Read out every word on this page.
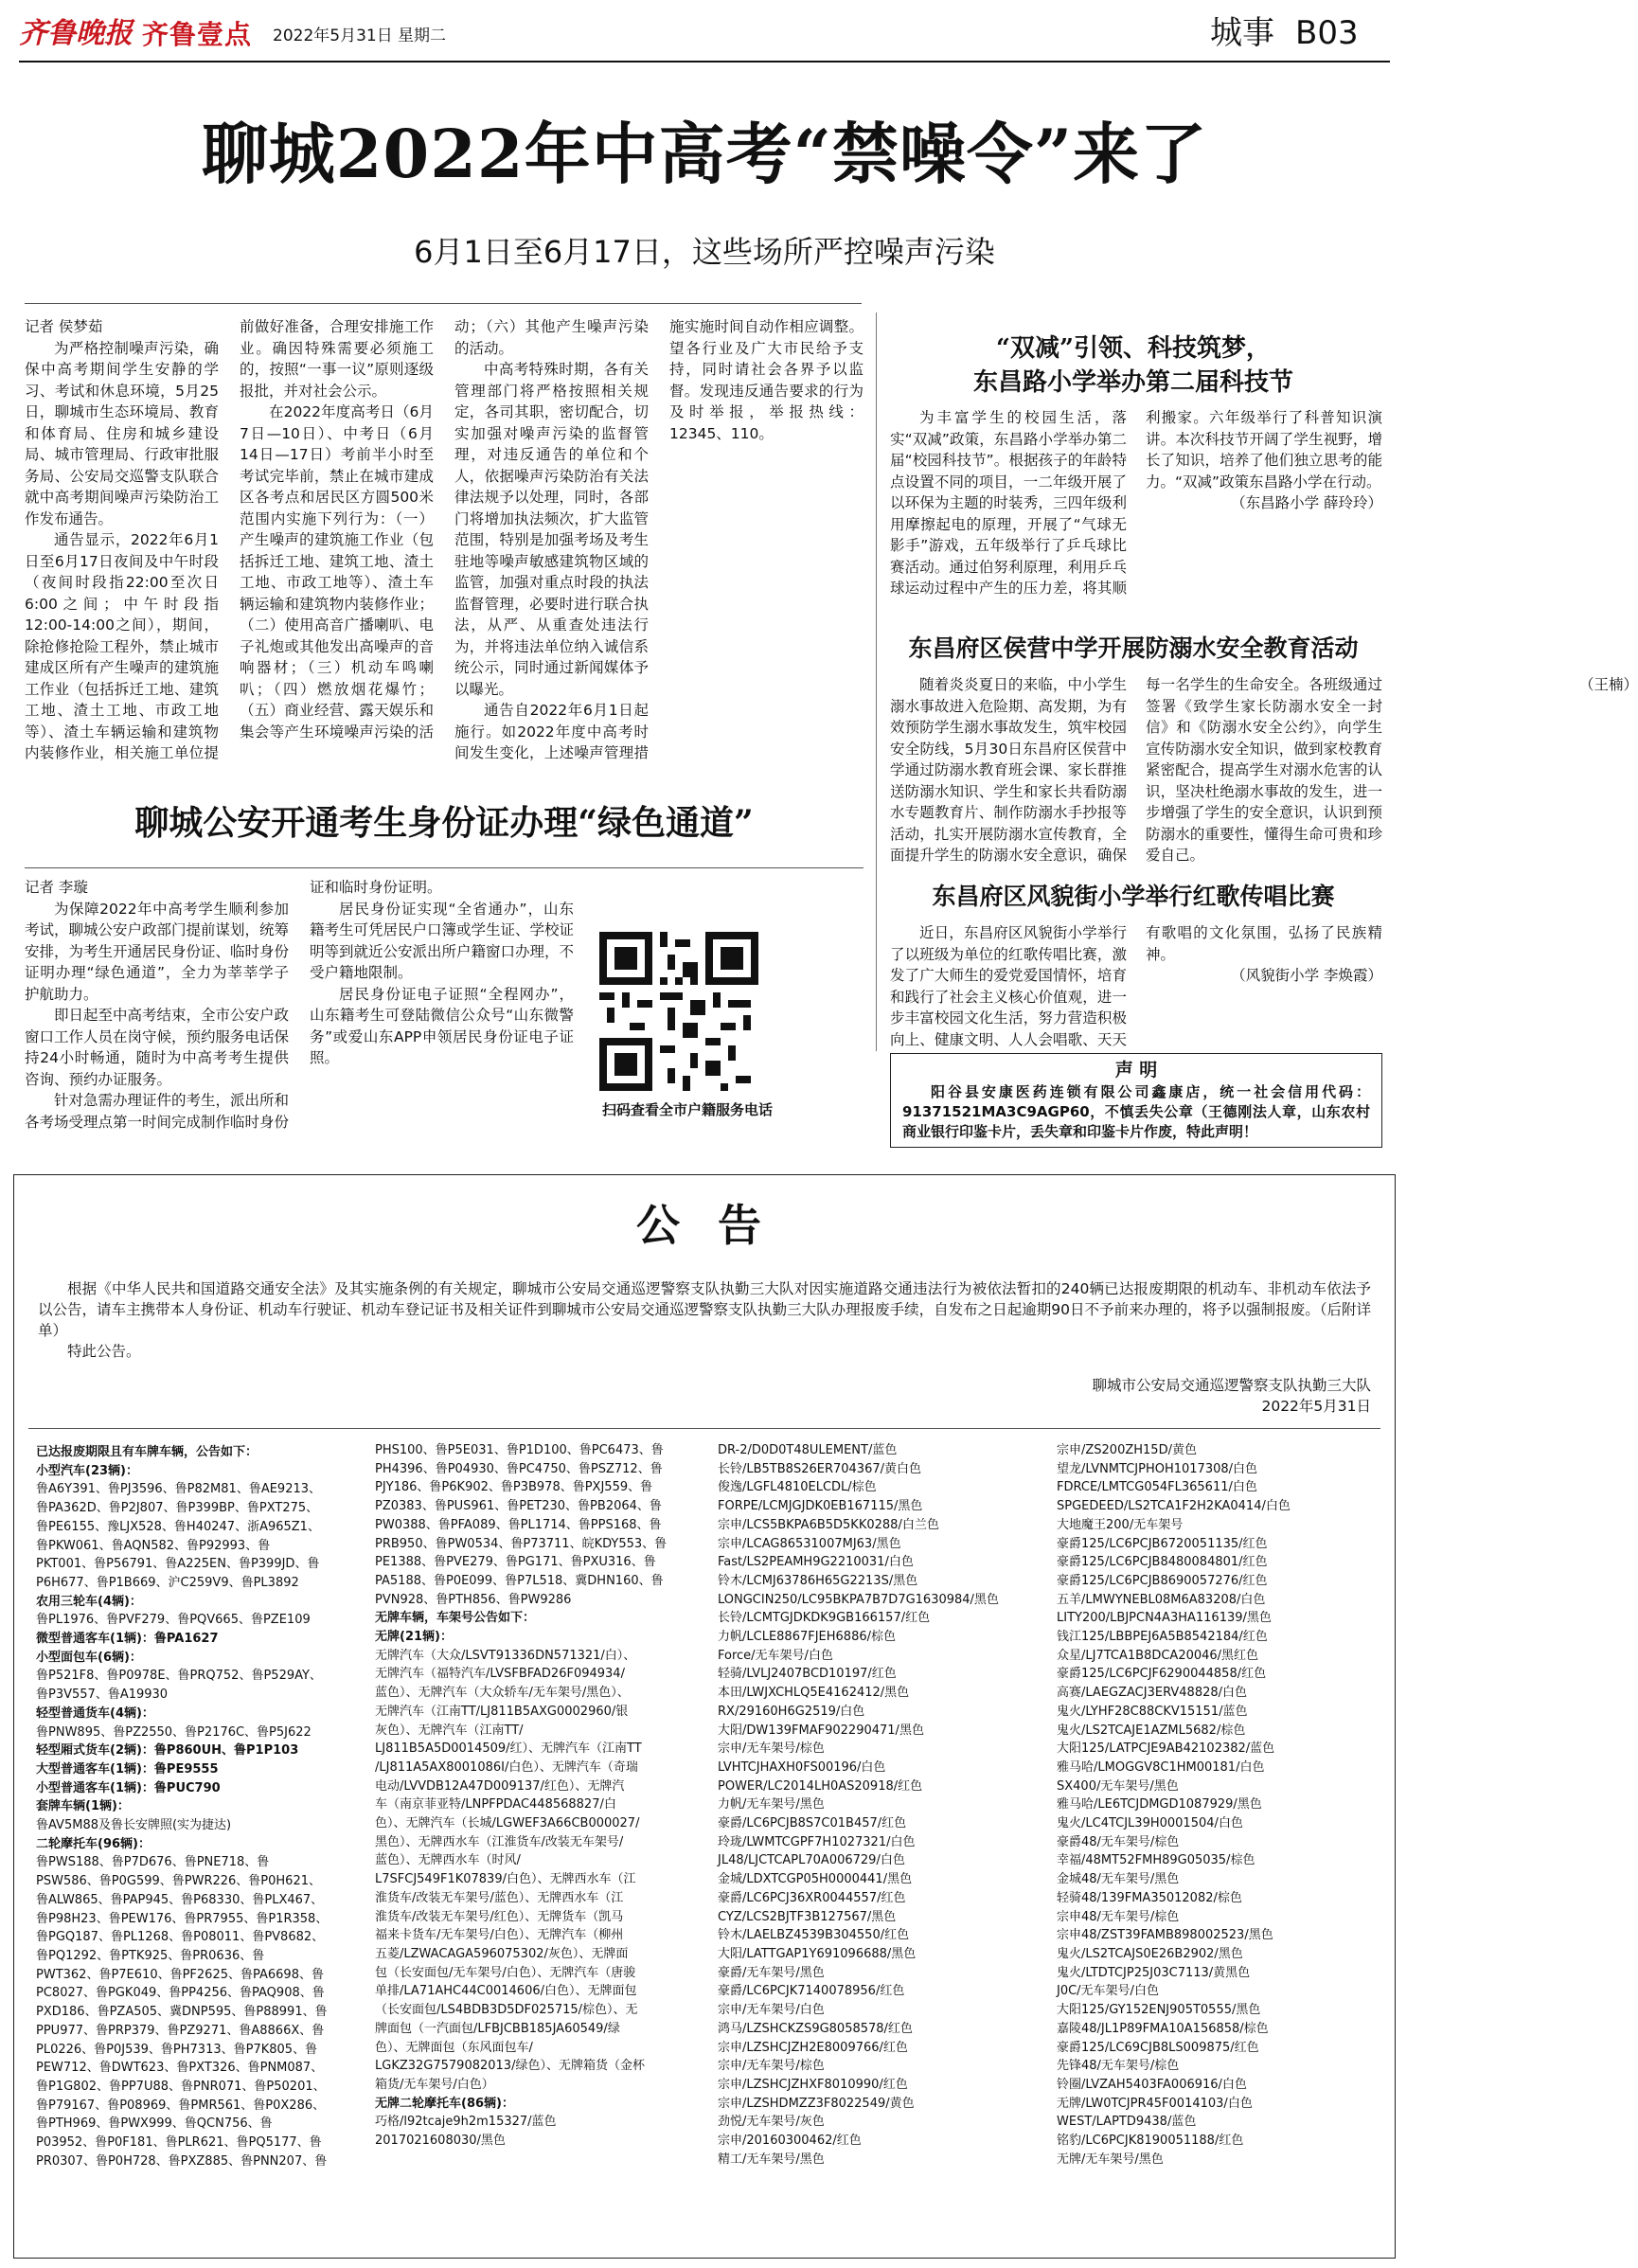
齐鲁晚报 齐鲁壹点 2022年5月31日 星期二	城事 B03
聊城2022年中高考“禁噪令”来了
6月1日至6月17日，这些场所严控噪声污染
记者 侯梦茹

为严格控制噪声污染，确保中高考期间学生安静的学习、考试和休息环境，5月25日，聊城市生态环境局、教育和体育局、住房和城乡建设局、城市管理局、行政审批服务局、公安局交巡警支队联合就中高考期间噪声污染防治工作发布通告。

通告显示，2022年6月1日至6月17日夜间及中午时段（夜间时段指22:00至次日6:00之间；中午时段指12:00-14:00之间），期间，除抢修抢险工程外，禁止城市建成区所有产生噪声的建筑施工作业（包括拆迁工地、建筑工地、渣土工地、市政工地等）、渣土车辆运输和建筑物内装修作业，相关施工单位提前做好准备，合理安排施工作业。确因特殊需要必须施工的，按照“一事一议”原则逐级报批，并对社会公示。

在2022年度高考日（6月7日—10日）、中考日（6月14日—17日）考前半小时至考试完毕前，禁止在城市建成区各考点和居民区方圆500米范围内实施下列行为：（一）产生噪声的建筑施工作业（包括拆迁工地、建筑工地、渣土工地、市政工地等）、渣土车辆运输和建筑物内装修作业；（二）使用高音广播喇叭、电子礼炮或其他发出高噪声的音响器材；（三）机动车鸣喇叭；（四）燃放烟花爆竹；（五）商业经营、露天娱乐和集会等产生环境噪声污染的活动；（六）其他产生噪声污染的活动。

中高考特殊时期，各有关管理部门将严格按照相关规定，各司其职，密切配合，切实加强对噪声污染的监督管理，对违反通告的单位和个人，依据噪声污染防治有关法律法规予以处理，同时，各部门将增加执法频次，扩大监管范围，特别是加强考场及考生驻地等噪声敏感建筑物区域的监管，加强对重点时段的执法监督管理，必要时进行联合执法，从严、从重查处违法行为，并将违法单位纳入诚信系统公示，同时通过新闻媒体予以曝光。

通告自2022年6月1日起施行。如2022年度中高考时间发生变化，上述噪声管理措施实施时间自动作相应调整。望各行业及广大市民给予支持，同时请社会各界予以监督。发现违反通告要求的行为及时举报，举报热线：12345、110。

聊城公安开通考生身份证办理“绿色通道”
记者 李璇

为保障2022年中高考学生顺利参加考试，聊城公安户政部门提前谋划，统筹安排，为考生开通居民身份证、临时身份证明办理“绿色通道”，全力为莘莘学子护航助力。

即日起至中高考结束，全市公安户政窗口工作人员在岗守候，预约服务电话保持24小时畅通，随时为中高考考生提供咨询、预约办证服务。

针对急需办理证件的考生，派出所和各考场受理点第一时间完成制作临时身份证和临时身份证明。

居民身份证实现“全省通办”，山东籍考生可凭居民户口簿或学生证、学校证明等到就近公安派出所户籍窗口办理，不受户籍地限制。

居民身份证电子证照“全程网办”，山东籍考生可登陆微信公众号“山东微警务”或爱山东APP申领居民身份证电子证照。

扫码查看全市户籍服务电话
“双减”引领、科技筑梦，
东昌路小学举办第二届科技节

为丰富学生的校园生活，落实“双减”政策，东昌路小学举办第二届“校园科技节”。根据孩子的年龄特点设置不同的项目，一二年级开展了以环保为主题的时装秀，三四年级利用摩擦起电的原理，开展了“气球无影手”游戏，五年级举行了乒乓球比赛活动。通过伯努利原理，利用乒乓球运动过程中产生的压力差，将其顺利搬家。六年级举行了科普知识演讲。本次科技节开阔了学生视野，增长了知识，培养了他们独立思考的能力。“双减”政策东昌路小学在行动。

（东昌路小学 薛玲玲）
东昌府区侯营中学开展防溺水安全教育活动

随着炎炎夏日的来临，中小学生溺水事故进入危险期、高发期，为有效预防学生溺水事故发生，筑牢校园安全防线，5月30日东昌府区侯营中学通过防溺水教育班会课、家长群推送防溺水知识、学生和家长共看防溺水专题教育片、制作防溺水手抄报等活动，扎实开展防溺水宣传教育，全面提升学生的防溺水安全意识，确保每一名学生的生命安全。各班级通过签署《致学生家长防溺水安全一封信》和《防溺水安全公约》，向学生宣传防溺水安全知识，做到家校教育紧密配合，提高学生对溺水危害的认识，坚决杜绝溺水事故的发生，进一步增强了学生的安全意识，认识到预防溺水的重要性，懂得生命可贵和珍爱自己。

（王楠）
东昌府区风貌街小学举行红歌传唱比赛

近日，东昌府区风貌街小学举行了以班级为单位的红歌传唱比赛，激发了广大师生的爱党爱国情怀，培育和践行了社会主义核心价值观，进一步丰富校园文化生活，努力营造积极向上、健康文明、人人会唱歌、天天有歌唱的文化氛围，弘扬了民族精神。

（风貌街小学 李焕霞）
声 明
阳谷县安康医药连锁有限公司鑫康店，统一社会信用代码：91371521MA3C9AGP60，不慎丢失公章（王德刚法人章，山东农村商业银行印鉴卡片，丢失章和印鉴卡片作废，特此声明！
公 告

根据《中华人民共和国道路交通安全法》及其实施条例的有关规定，聊城市公安局交通巡逻警察支队执勤三大队对因实施道路交通违法行为被依法暂扣的240辆已达报废期限的机动车、非机动车依法予以公告，请车主携带本人身份证、机动车行驶证、机动车登记证书及相关证件到聊城市公安局交通巡逻警察支队执勤三大队办理报废手续，自发布之日起逾期90日不予前来办理的，将予以强制报废。（后附详单）

特此公告。

聊城市公安局交通巡逻警察支队执勤三大队
2022年5月31日
已达报废期限且有车牌车辆，公告如下：
小型汽车(23辆)：
鲁A6Y391、鲁PJ3596、鲁P82M81、鲁AE9213、
鲁PA362D、鲁P2J807、鲁P399BP、鲁PXT275、
鲁PE6155、豫LJX528、鲁H40247、浙A965Z1、
鲁PKW061、鲁AQN582、鲁P92993、鲁
PKT001、鲁P56791、鲁A225EN、鲁P399JD、鲁
P6H677、鲁P1B669、沪C259V9、鲁PL3892
农用三轮车(4辆)：
鲁PL1976、鲁PVF279、鲁PQV665、鲁PZE109
微型普通客车(1辆)：鲁PA1627
小型面包车(6辆)：
鲁P521F8、鲁P0978E、鲁PRQ752、鲁P529AY、
鲁P3V557、鲁A19930
轻型普通货车(4辆)：
鲁PNW895、鲁PZ2550、鲁P2176C、鲁P5J622
轻型厢式货车(2辆)：鲁P860UH、鲁P1P103
大型普通客车(1辆)：鲁PE9555
小型普通客车(1辆)：鲁PUC790
套牌车辆(1辆)：
鲁AV5M88及鲁长安牌照(实为捷达)
二轮摩托车(96辆)：
鲁PWS188、鲁P7D676、鲁PNE718、鲁
PSW586、鲁P0G599、鲁PWR226、鲁P0H621、
鲁ALW865、鲁PAP945、鲁P68330、鲁PLX467、
鲁P98H23、鲁PEW176、鲁PR7955、鲁P1R358、
鲁PGQ187、鲁PL1268、鲁P08011、鲁PV8682、
鲁PQ1292、鲁PTK925、鲁PR0636、鲁
PWT362、鲁P7E610、鲁PF2625、鲁PA6698、鲁
PC8027、鲁PGK049、鲁PP4256、鲁PAQ908、鲁
PXD186、鲁PZA505、冀DNP595、鲁P88991、鲁
PPU977、鲁PRP379、鲁PZ9271、鲁A8866X、鲁
PL0226、鲁P0J539、鲁PH7313、鲁P7K805、鲁
PEW712、鲁DWT623、鲁PXT326、鲁PNM087、
鲁P1G802、鲁PP7U88、鲁PNR071、鲁P50201、
鲁P79167、鲁P08969、鲁PMR561、鲁P0X286、
鲁PTH969、鲁PWX999、鲁QCN756、鲁
P03952、鲁P0F181、鲁PLR621、鲁PQ5177、鲁
PR0307、鲁P0H728、鲁PXZ885、鲁PNN207、鲁
PHS100、鲁P5E031、鲁P1D100、鲁PC6473、鲁
PH4396、鲁P04930、鲁PC4750、鲁PSZ712、鲁
PJY186、鲁P6K902、鲁P3B978、鲁PXJ559、鲁
PZ0383、鲁PUS961、鲁PET230、鲁PB2064、鲁
PW0388、鲁PFA089、鲁PL1714、鲁PPS168、鲁
PRB950、鲁PW0534、鲁P73711、皖KDY553、鲁
PE1388、鲁PVE279、鲁PG171、鲁PXU316、鲁
PA5188、鲁P0E099、鲁P7L518、冀DHN160、鲁
PVN928、鲁PTH856、鲁PW9286
无牌车辆，车架号公告如下：
无牌(21辆)：
无牌汽车（大众/LSVT91336DN571321/白）、
无牌汽车（福特汽车/LVSFBFAD26F094934/
蓝色）、无牌汽车（大众轿车/无车架号/黑色）、
无牌汽车（江南TT/LJ811B5AXG0002960/银
灰色）、无牌汽车（江南TT/
LJ811B5A5D0014509/红）、无牌汽车（江南TT
/LJ811A5AX8001086I/白色）、无牌汽车（奇瑞
电动/LVVDB12A47D009137/红色）、无牌汽
车（南京菲亚特/LNPFPDAC448568827/白
色）、无牌汽车（长城/LGWEF3A66CB000027/
黑色）、无牌西水车（江淮货车/改装无车架号/
蓝色）、无牌西水车（时风/
L7SFCJ549F1K07839/白色）、无牌西水车（江
淮货车/改装无车架号/蓝色）、无牌西水车（江
淮货车/改装无车架号/红色）、无牌货车（凯马
福来卡货车/无车架号/白色）、无牌汽车（柳州
五菱/LZWACAGA596075302/灰色）、无牌面
包（长安面包/无车架号/白色）、无牌汽车（唐骏
单排/LA71AHC44C0014606/白色）、无牌面包
（长安面包/LS4BDB3D5DF025715/棕色）、无
牌面包（一汽面包/LFBJCBB185JA60549/绿
色）、无牌面包（东风面包车/
LGKZ32G7579082013/绿色）、无牌箱货（金杯
箱货/无车架号/白色）
无牌二轮摩托车(86辆)：
巧格/l92tcaje9h2m15327/蓝色
2017021608030/黑色
DR-2/D0D0T48ULEMENT/蓝色
长铃/LB5TB8S26ER704367/黄白色
俊逸/LGFL4810ELCDL/棕色
FORPE/LCMJGJDK0EB167115/黑色
宗申/LCS5BKPA6B5D5KK0288/白兰色
宗申/LCAG86531007MJ63/黑色
Fast/LS2PEAMH9G2210031/白色
铃木/LCMJ63786H65G2213S/黑色
LONGCIN250/LC95BKPA7B7D7G1630984/黑色
长铃/LCMTGJDKDK9GB166157/红色
力帆/LCLE8867FJEH6886/棕色
Force/无车架号/白色
轻骑/LVLJ2407BCD10197/红色
本田/LWJXCHLQ5E4162412/黑色
RX/29160H6G2519/白色
大阳/DW139FMAF902290471/黑色
宗申/无车架号/棕色
LVHTCJHAXH0FS00196/白色
POWER/LC2014LH0AS20918/红色
力帆/无车架号/黑色
豪爵/LC6PCJB8S7C01B457/红色
玲珑/LWMTCGPF7H1027321/白色
JL48/LJCTCAPL70A006729/白色
金城/LDXTCGP05H0000441/黑色
豪爵/LC6PCJ36XR0044557/红色
CYZ/LCS2BJTF3B127567/黑色
铃木/LAELBZ4539B304550/红色
大阳/LATTGAP1Y691096688/黑色
豪爵/无车架号/黑色
豪爵/LC6PCJK7140078956/红色
宗申/无车架号/白色
鸿马/LZSHCKZS9G8058578/红色
宗申/LZSHCJZH2E8009766/红色
宗申/无车架号/棕色
宗申/LZSHCJZHXF8010990/红色
宗申/LZSHDMZZ3F8022549/黄色
劲悦/无车架号/灰色
宗申/20160300462/红色
精工/无车架号/黑色
宗申/ZS200ZH15D/黄色
望龙/LVNMTCJPHOH1017308/白色
FDRCE/LMTCG054FL365611/白色
SPGEDEED/LS2TCA1F2H2KA0414/白色
大地魔王200/无车架号
豪爵125/LC6PCJB6720051135/红色
豪爵125/LC6PCJB8480084801/红色
豪爵125/LC6PCJB8690057276/红色
五羊/LMWYNEBL08M6A83208/白色
LITY200/LBJPCN4A3HA116139/黑色
钱江125/LBBPEJ6A5B8542184/红色
众星/LJ7TCA1B8DCA20046/黑红色
豪爵125/LC6PCJF6290044858/红色
高赛/LAEGZACJ3ERV48828/白色
鬼火/LYHF28C88CKV15151/蓝色
鬼火/LS2TCAJE1AZML5682/棕色
大阳125/LATPCJE9AB42102382/蓝色
雅马哈/LMOGGV8C1HM00181/白色
SX400/无车架号/黑色
雅马哈/LE6TCJDMGD1087929/黑色
鬼火/LC4TCJL39H0001504/白色
豪爵48/无车架号/棕色
幸福/48MT52FMH89G05035/棕色
金城48/无车架号/黑色
轻骑48/139FMA35012082/棕色
宗申48/无车架号/棕色
宗申48/ZST39FAMB898002523/黑色
鬼火/LS2TCAJS0E26B2902/黑色
鬼火/LTDTCJP25J03C7113/黄黑色
J0C/无车架号/白色
大阳125/GY152ENJ905T0555/黑色
嘉陵48/JL1P89FMA10A156858/棕色
豪爵125/LC69CJB8LS009875/红色
先锋48/无车架号/棕色
铃圈/LVZAH5403FA006916/白色
无牌/LW0TCJPR45F0014103/白色
WEST/LAPTD9438/蓝色
铭豹/LC6PCJK8190051188/红色
无牌/无车架号/黑色
